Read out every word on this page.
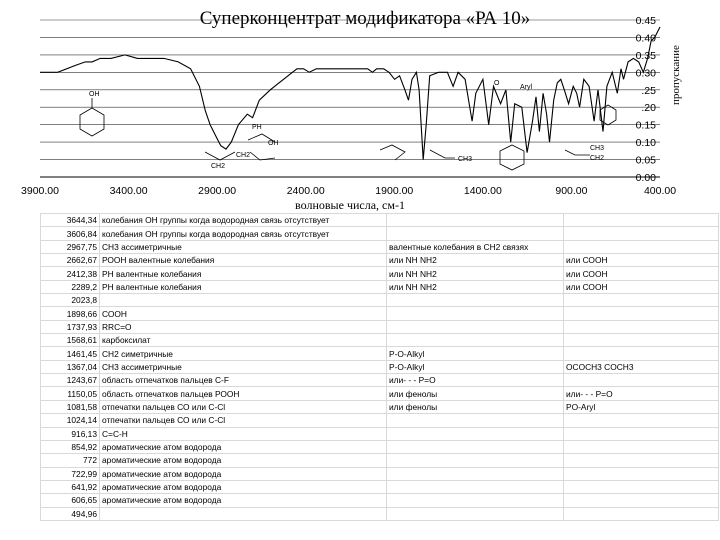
Суперконцентрат модификатора «РА 10»
OH
PH
CH2
CH2
OH
CH3
CH3
CH2
O
Aryl
3900.00	3400.00	2900.00	2400.00	1900.00	1400.00	900.00	400.00
0.00
0.05
0.10
0.15
.20
.25
0.30
0.35
0.40
0.45
пропускание
волновые числа, см-1
3644,34	колебания ОН группы когда водородная связь отсутствует		
3606,84	колебания ОН группы когда водородная связь отсутствует		
2967,75	СН3 ассиметричные	валентные колебания в СН2 связях	
2662,67	РООН валентные колебания	или NH NH2	или СООН
2412,38	РН валентные колебания	или NH NH2	или СООН
2289,2	РН валентные колебания	или NH NH2	или СООН
2023,8			
1898,66	СООН		
1737,93	RRC=O		
1568,61	карбоксилат		
1461,45	СН2 симетричные	P-O-Alkyl	
1367,04	СН3 ассиметричные	P-O-Alkyl	OCOCH3 COCH3
1243,67	область отпечатков пальцев C-F	или- - - P=O	
1150,05	область отпечатков пальцев РООН	или фенолы	или- - - P=O
1081,58	отпечатки пальцев СО или C-Cl	или фенолы	PO-Aryl
1024,14	отпечатки пальцев СО или C-Cl		
916,13	C=C-H		
854,92	ароматические атом водорода		
772	ароматические атом водорода		
722,99	ароматические атом водорода		
641,92	ароматические атом водорода		
606,65	ароматические атом водорода		
494,96			
